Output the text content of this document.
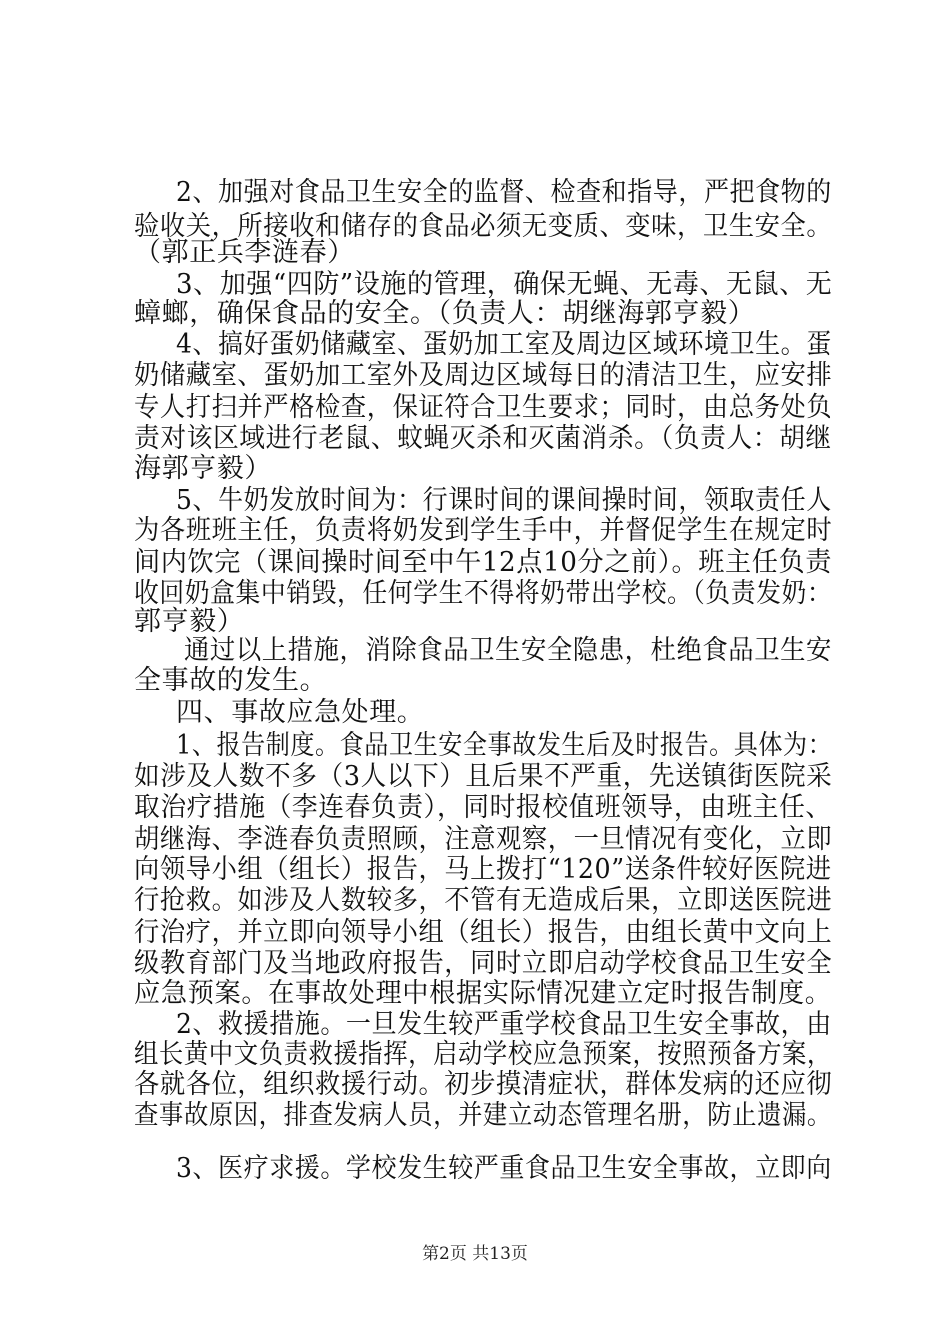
2、加强对食品卫生安全的监督、检查和指导，严把食物的
验收关，所接收和储存的食品必须无变质、变味，卫生安全。
（郭正兵李涟春）
3、加强“四防”设施的管理，确保无蝇、无毒、无鼠、无
蟑螂，确保食品的安全。（负责人：胡继海郭亨毅）
4、搞好蛋奶储藏室、蛋奶加工室及周边区域环境卫生。蛋
奶储藏室、蛋奶加工室外及周边区域每日的清洁卫生，应安排
专人打扫并严格检查，保证符合卫生要求；同时，由总务处负
责对该区域进行老鼠、蚊蝇灭杀和灭菌消杀。（负责人：胡继
海郭亨毅）
5、牛奶发放时间为：行课时间的课间操时间，领取责任人
为各班班主任，负责将奶发到学生手中，并督促学生在规定时
间内饮完（课间操时间至中午12点10分之前）。班主任负责
收回奶盒集中销毁，任何学生不得将奶带出学校。（负责发奶：
郭亨毅）
通过以上措施，消除食品卫生安全隐患，杜绝食品卫生安
全事故的发生。
四、事故应急处理。
1、报告制度。食品卫生安全事故发生后及时报告。具体为：
如涉及人数不多（3人以下）且后果不严重，先送镇街医院采
取治疗措施（李连春负责），同时报校值班领导，由班主任、
胡继海、李涟春负责照顾，注意观察，一旦情况有变化，立即
向领导小组（组长）报告，马上拨打“120”送条件较好医院进
行抢救。如涉及人数较多，不管有无造成后果，立即送医院进
行治疗，并立即向领导小组（组长）报告，由组长黄中文向上
级教育部门及当地政府报告，同时立即启动学校食品卫生安全
应急预案。在事故处理中根据实际情况建立定时报告制度。
2、救援措施。一旦发生较严重学校食品卫生安全事故，由
组长黄中文负责救援指挥，启动学校应急预案，按照预备方案，
各就各位，组织救援行动。初步摸清症状，群体发病的还应彻
查事故原因，排查发病人员，并建立动态管理名册，防止遗漏。
3、医疗求援。学校发生较严重食品卫生安全事故，立即向
第2页 共13页
